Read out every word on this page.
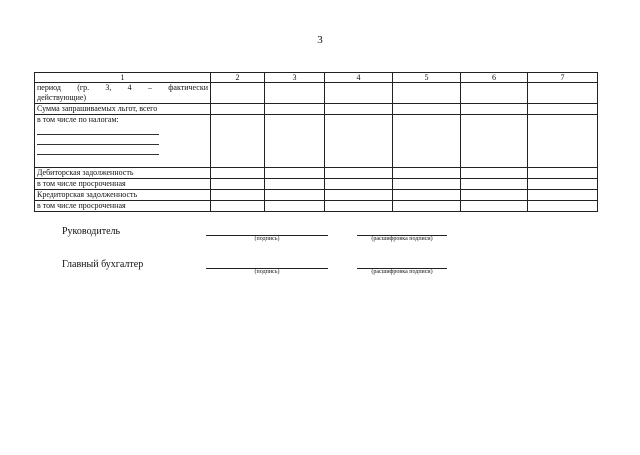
3
1	2	3	4	5	6	7

период (гр. 3, 4 – фактически
действующие)						

Сумма запрашиваемых льгот, всего						

в том числе по налогам:						

Дебиторская задолженность						
в том числе просроченная						
Кредиторская задолженность						
в том числе просроченная						
Руководитель
(подпись)	(расшифровка подписи)
Главный бухгалтер
(подпись)	(расшифровка подписи)
